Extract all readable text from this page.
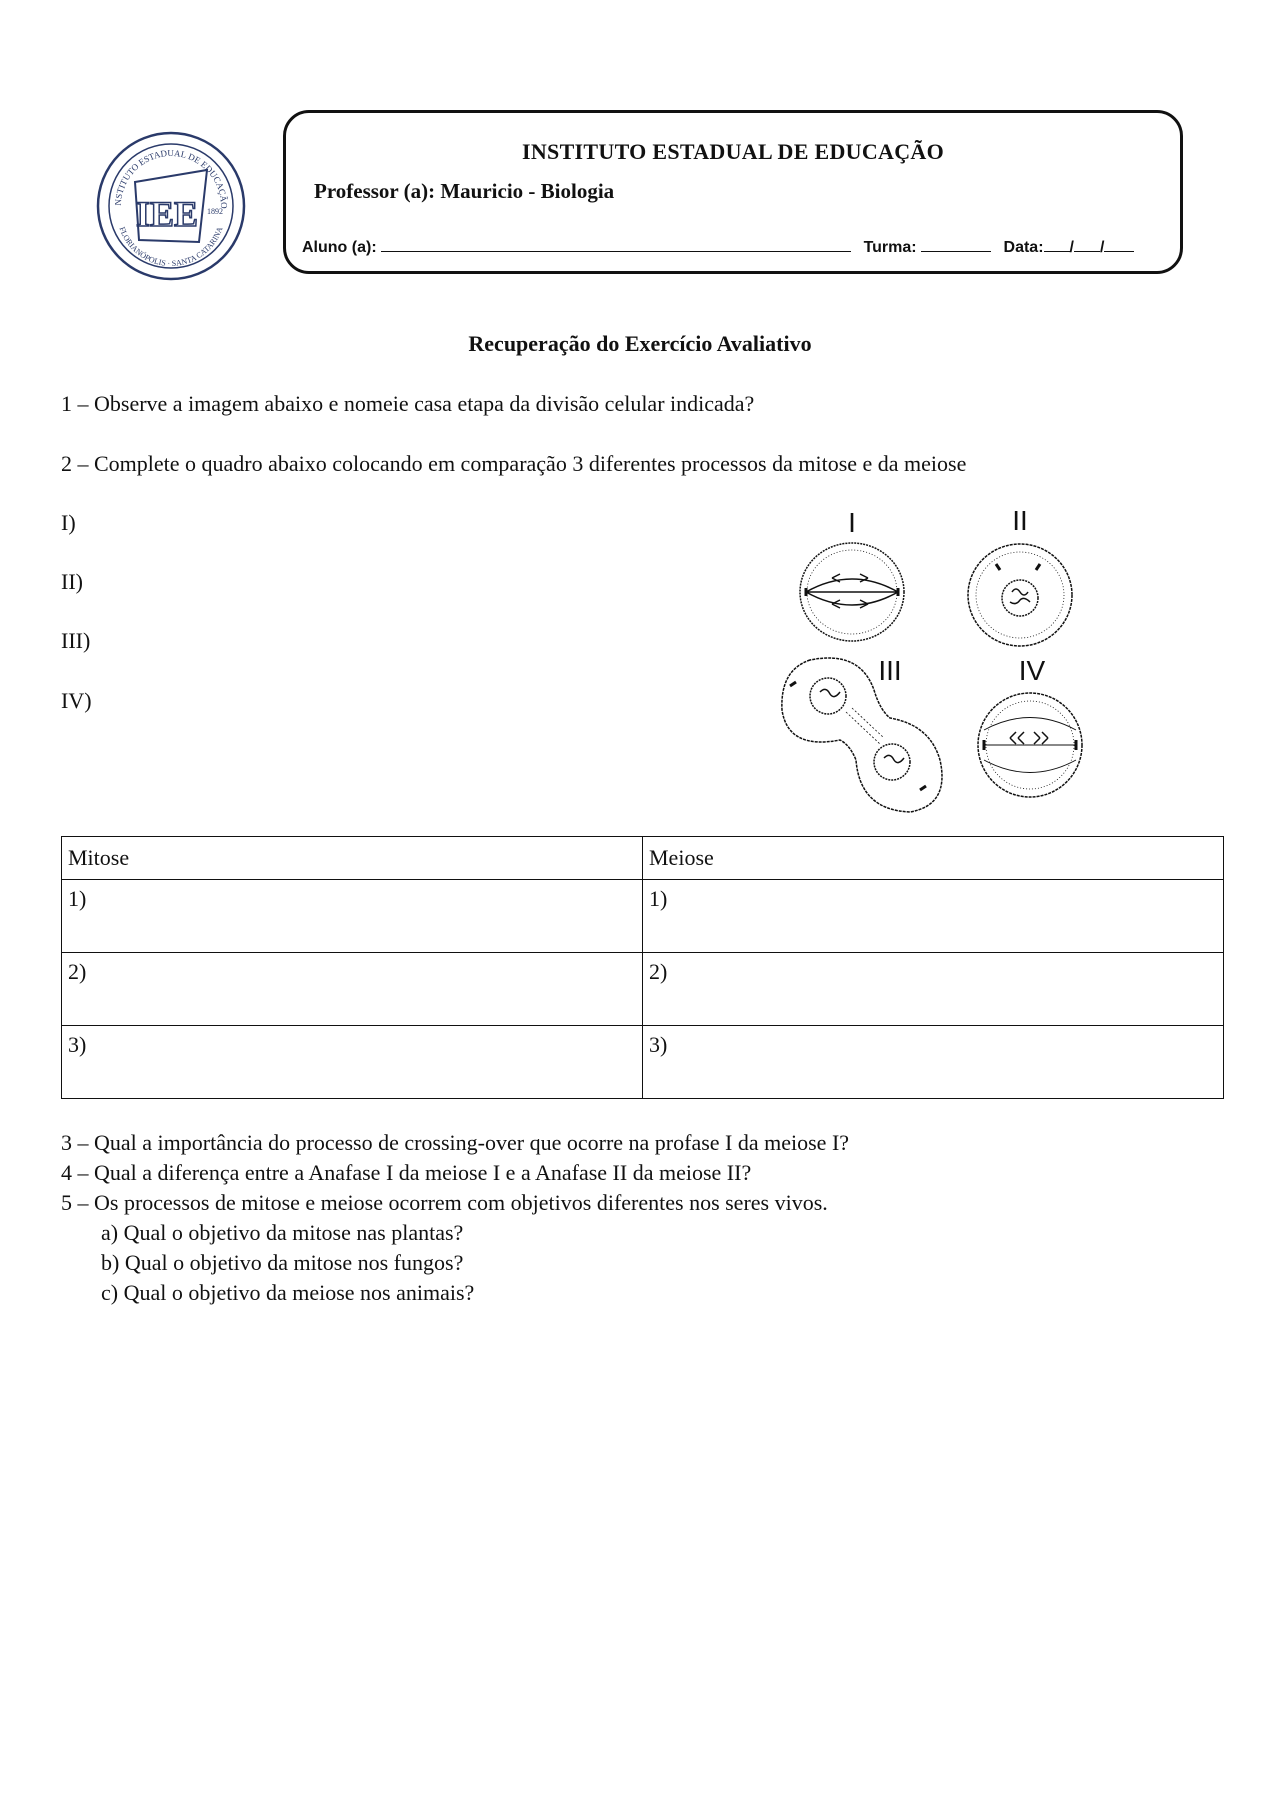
NSTITUTO ESTADUAL DE EDUCAÇÃO
FLORIANÓPOLIS · SANTA CATARINA
IEE 1892
INSTITUTO ESTADUAL DE EDUCAÇÃO
Professor (a): Mauricio - Biologia
Aluno (a):	Turma:	Data: / /
Recuperação do Exercício Avaliativo
1 – Observe a imagem abaixo e nomeie casa etapa da divisão celular indicada?
2 – Complete o quadro abaixo colocando em comparação 3 diferentes processos da mitose e da meiose
I)
II)
III)
IV)
I	II
III	IV
Mitose	Meiose
1)	1)
2)	2)
3)	3)
3 – Qual a importância do processo de crossing-over que ocorre na profase I da meiose I?
4 – Qual a diferença entre a Anafase I da meiose I e a Anafase II da meiose II?
5 – Os processos de mitose e meiose ocorrem com objetivos diferentes nos seres vivos.
a) Qual o objetivo da mitose nas plantas?
b) Qual o objetivo da mitose nos fungos?
c) Qual o objetivo da meiose nos animais?
